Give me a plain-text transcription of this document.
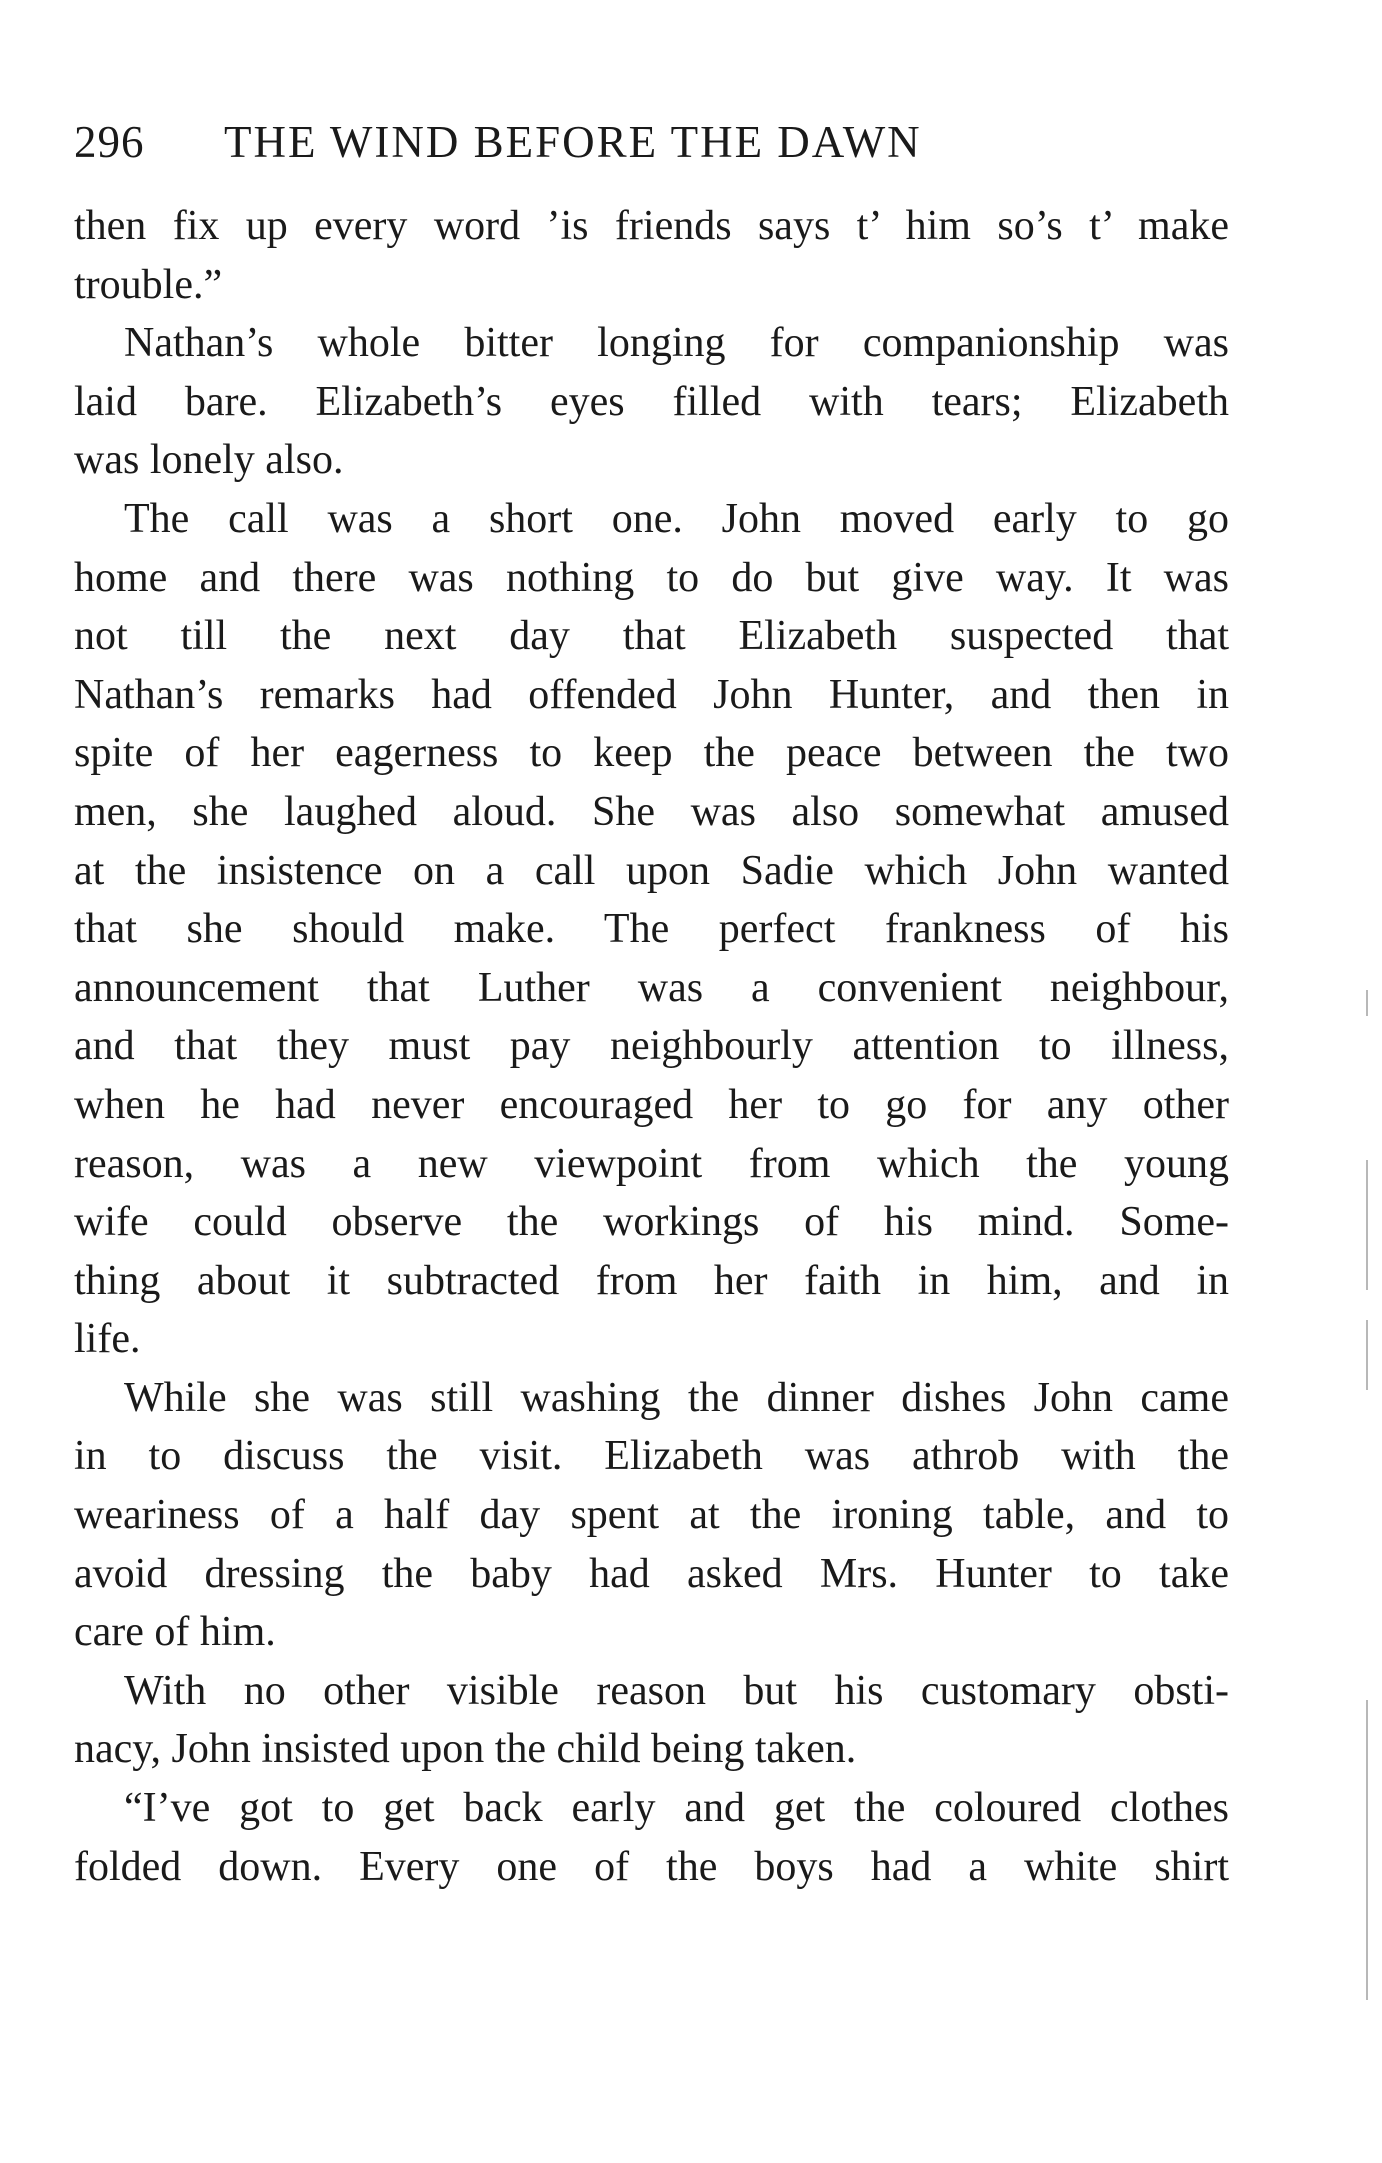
296 THE WIND BEFORE THE DAWN
then fix up every word ’is friends says t’ him so’s t’ make
trouble.”
Nathan’s whole bitter longing for companionship was
laid bare. Elizabeth’s eyes filled with tears; Elizabeth
was lonely also.
The call was a short one. John moved early to go
home and there was nothing to do but give way. It was
not till the next day that Elizabeth suspected that
Nathan’s remarks had offended John Hunter, and then in
spite of her eagerness to keep the peace between the two
men, she laughed aloud. She was also somewhat amused
at the insistence on a call upon Sadie which John wanted
that she should make. The perfect frankness of his
announcement that Luther was a convenient neighbour,
and that they must pay neighbourly attention to illness,
when he had never encouraged her to go for any other
reason, was a new viewpoint from which the young
wife could observe the workings of his mind. Some-
thing about it subtracted from her faith in him, and in
life.
While she was still washing the dinner dishes John came
in to discuss the visit. Elizabeth was athrob with the
weariness of a half day spent at the ironing table, and to
avoid dressing the baby had asked Mrs. Hunter to take
care of him.
With no other visible reason but his customary obsti-
nacy, John insisted upon the child being taken.
“I’ve got to get back early and get the coloured clothes
folded down. Every one of the boys had a white shirt
